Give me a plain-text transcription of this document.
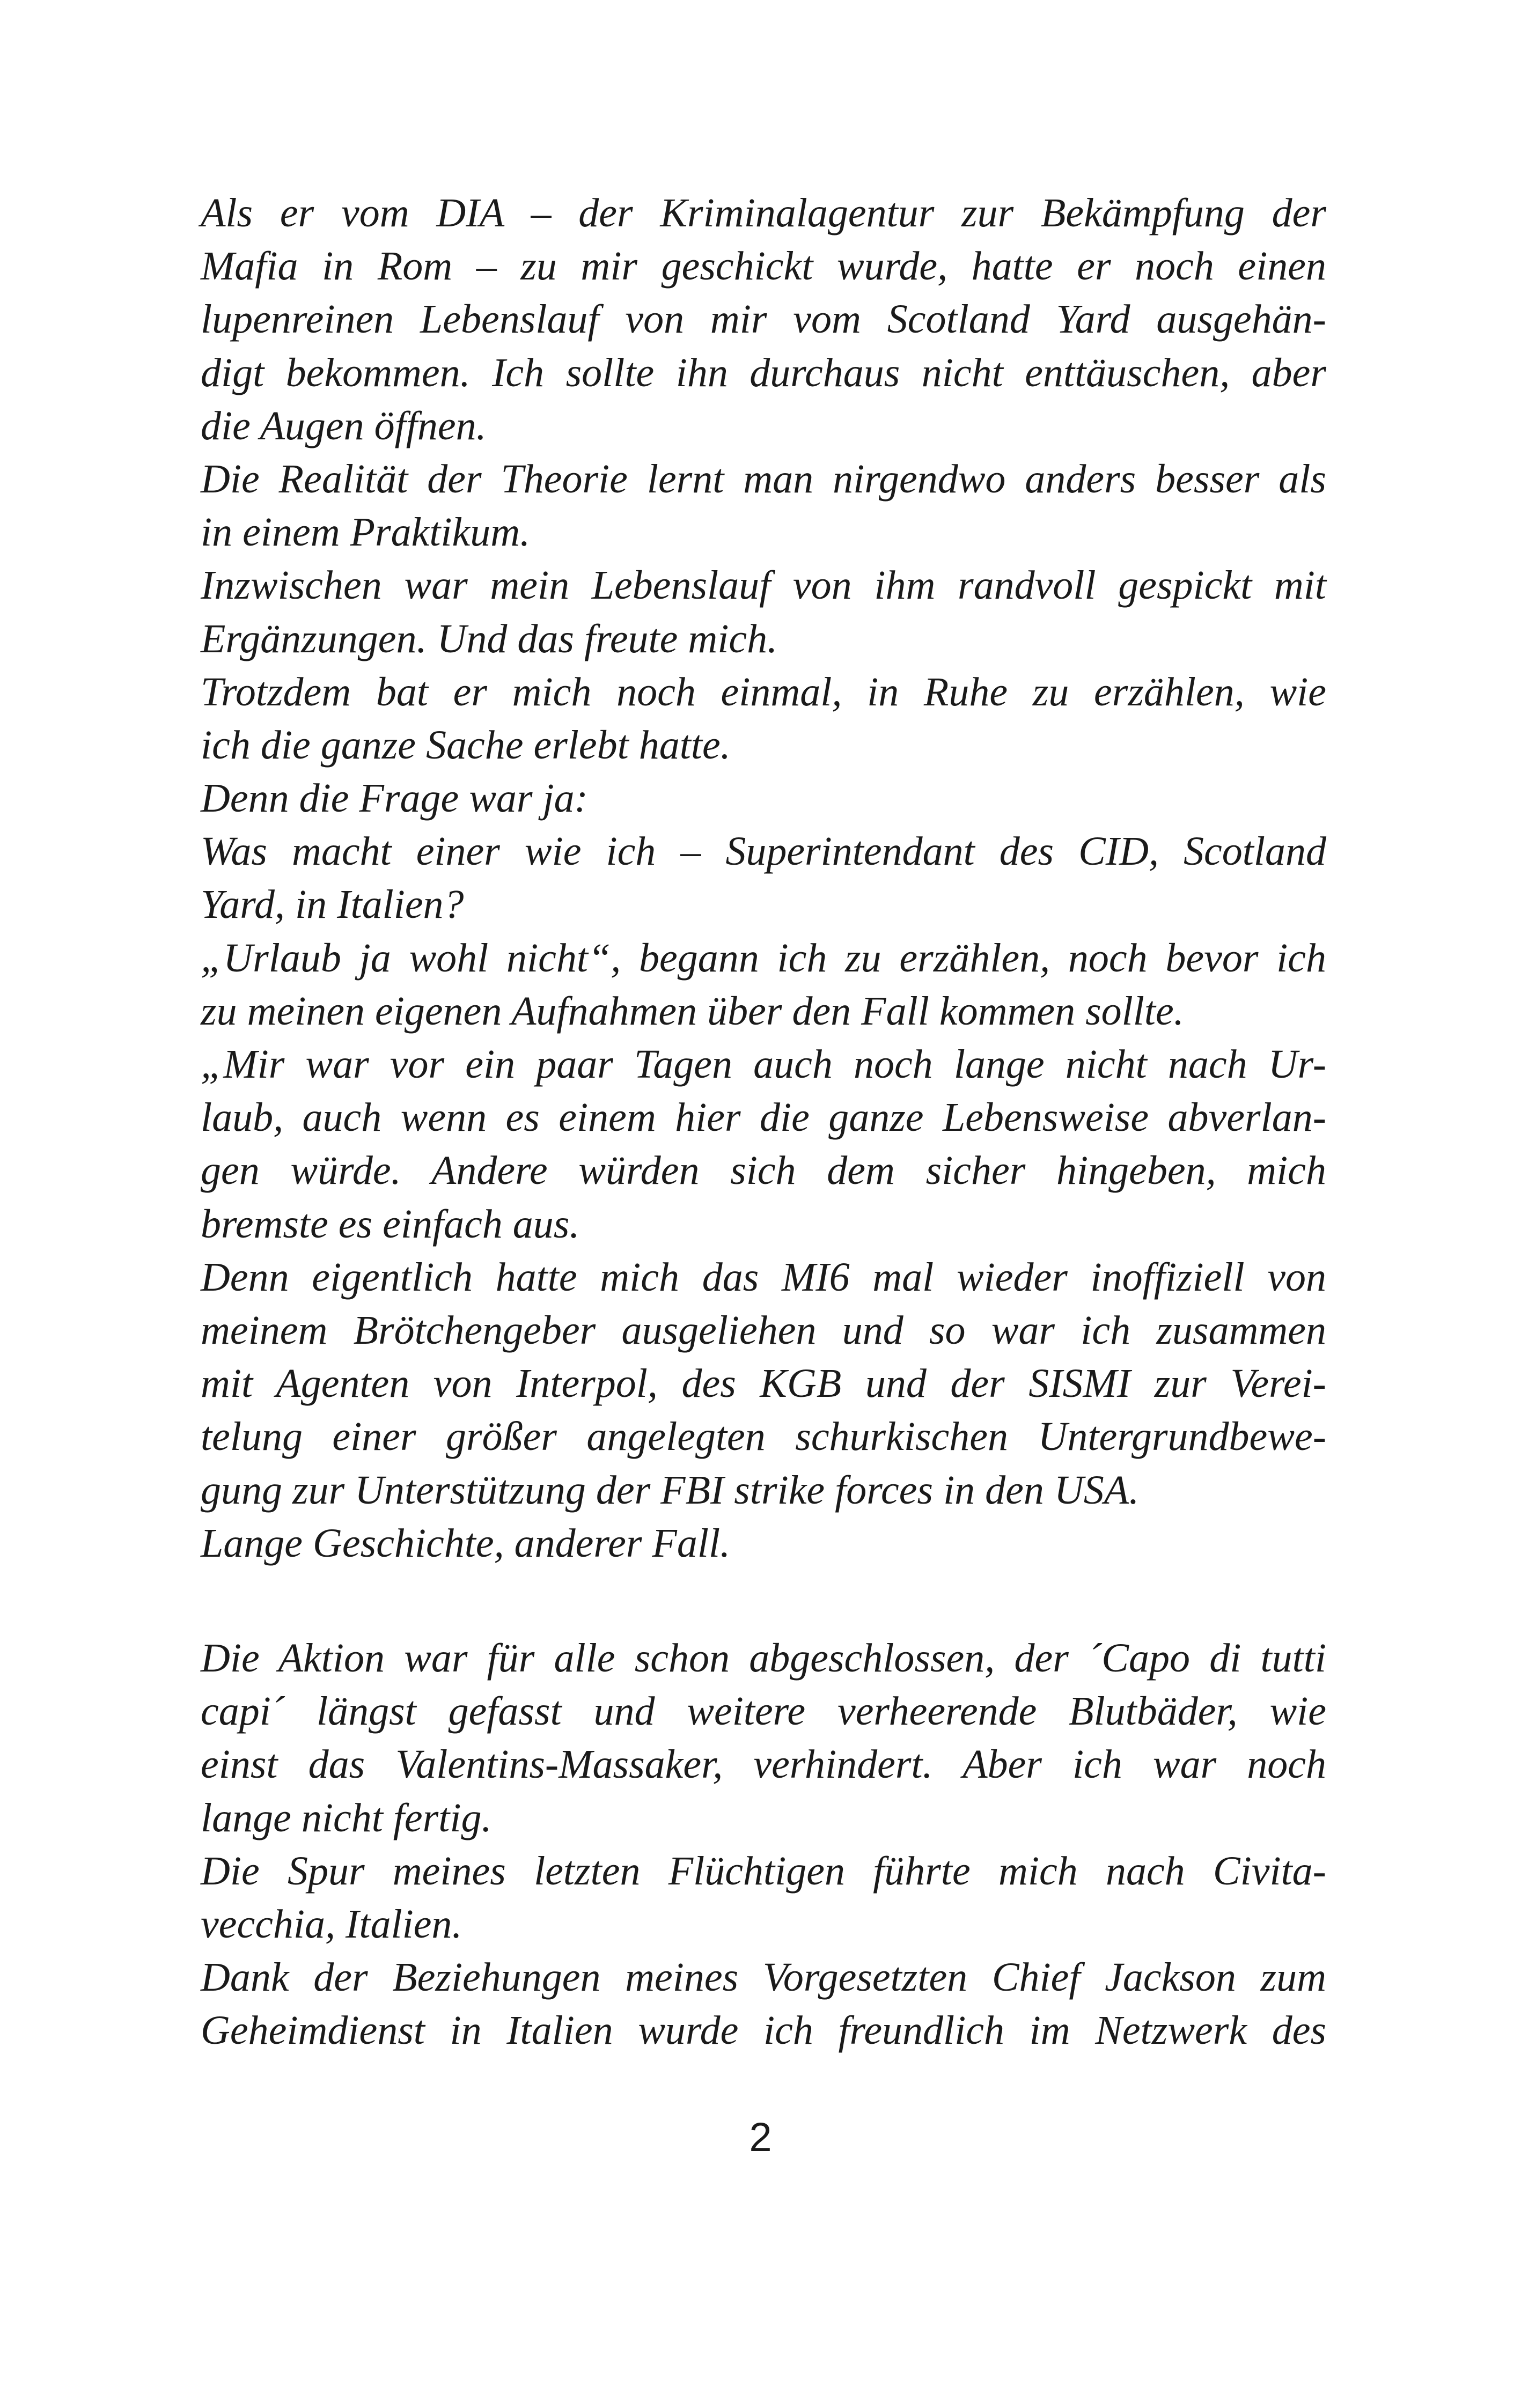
Als er vom DIA – der Kriminalagentur zur Bekämpfung der
Mafia in Rom – zu mir geschickt wurde, hatte er noch einen
lupenreinen Lebenslauf von mir vom Scotland Yard ausgehän-
digt bekommen. Ich sollte ihn durchaus nicht enttäuschen, aber
die Augen öffnen.
Die Realität der Theorie lernt man nirgendwo anders besser als
in einem Praktikum.
Inzwischen war mein Lebenslauf von ihm randvoll gespickt mit
Ergänzungen. Und das freute mich.
Trotzdem bat er mich noch einmal, in Ruhe zu erzählen, wie
ich die ganze Sache erlebt hatte.
Denn die Frage war ja:
Was macht einer wie ich – Superintendant des CID, Scotland
Yard, in Italien?
„Urlaub ja wohl nicht“, begann ich zu erzählen, noch bevor ich
zu meinen eigenen Aufnahmen über den Fall kommen sollte.
„Mir war vor ein paar Tagen auch noch lange nicht nach Ur-
laub, auch wenn es einem hier die ganze Lebensweise abverlan-
gen würde. Andere würden sich dem sicher hingeben, mich
bremste es einfach aus.
Denn eigentlich hatte mich das MI6 mal wieder inoffiziell von
meinem Brötchengeber ausgeliehen und so war ich zusammen
mit Agenten von Interpol, des KGB und der SISMI zur Verei-
telung einer größer angelegten schurkischen Untergrundbewe-
gung zur Unterstützung der FBI strike forces in den USA.
Lange Geschichte, anderer Fall.
Die Aktion war für alle schon abgeschlossen, der ´Capo di tutti
capi´ längst gefasst und weitere verheerende Blutbäder, wie
einst das Valentins-Massaker, verhindert. Aber ich war noch
lange nicht fertig.
Die Spur meines letzten Flüchtigen führte mich nach Civita-
vecchia, Italien.
Dank der Beziehungen meines Vorgesetzten Chief Jackson zum
Geheimdienst in Italien wurde ich freundlich im Netzwerk des
2
